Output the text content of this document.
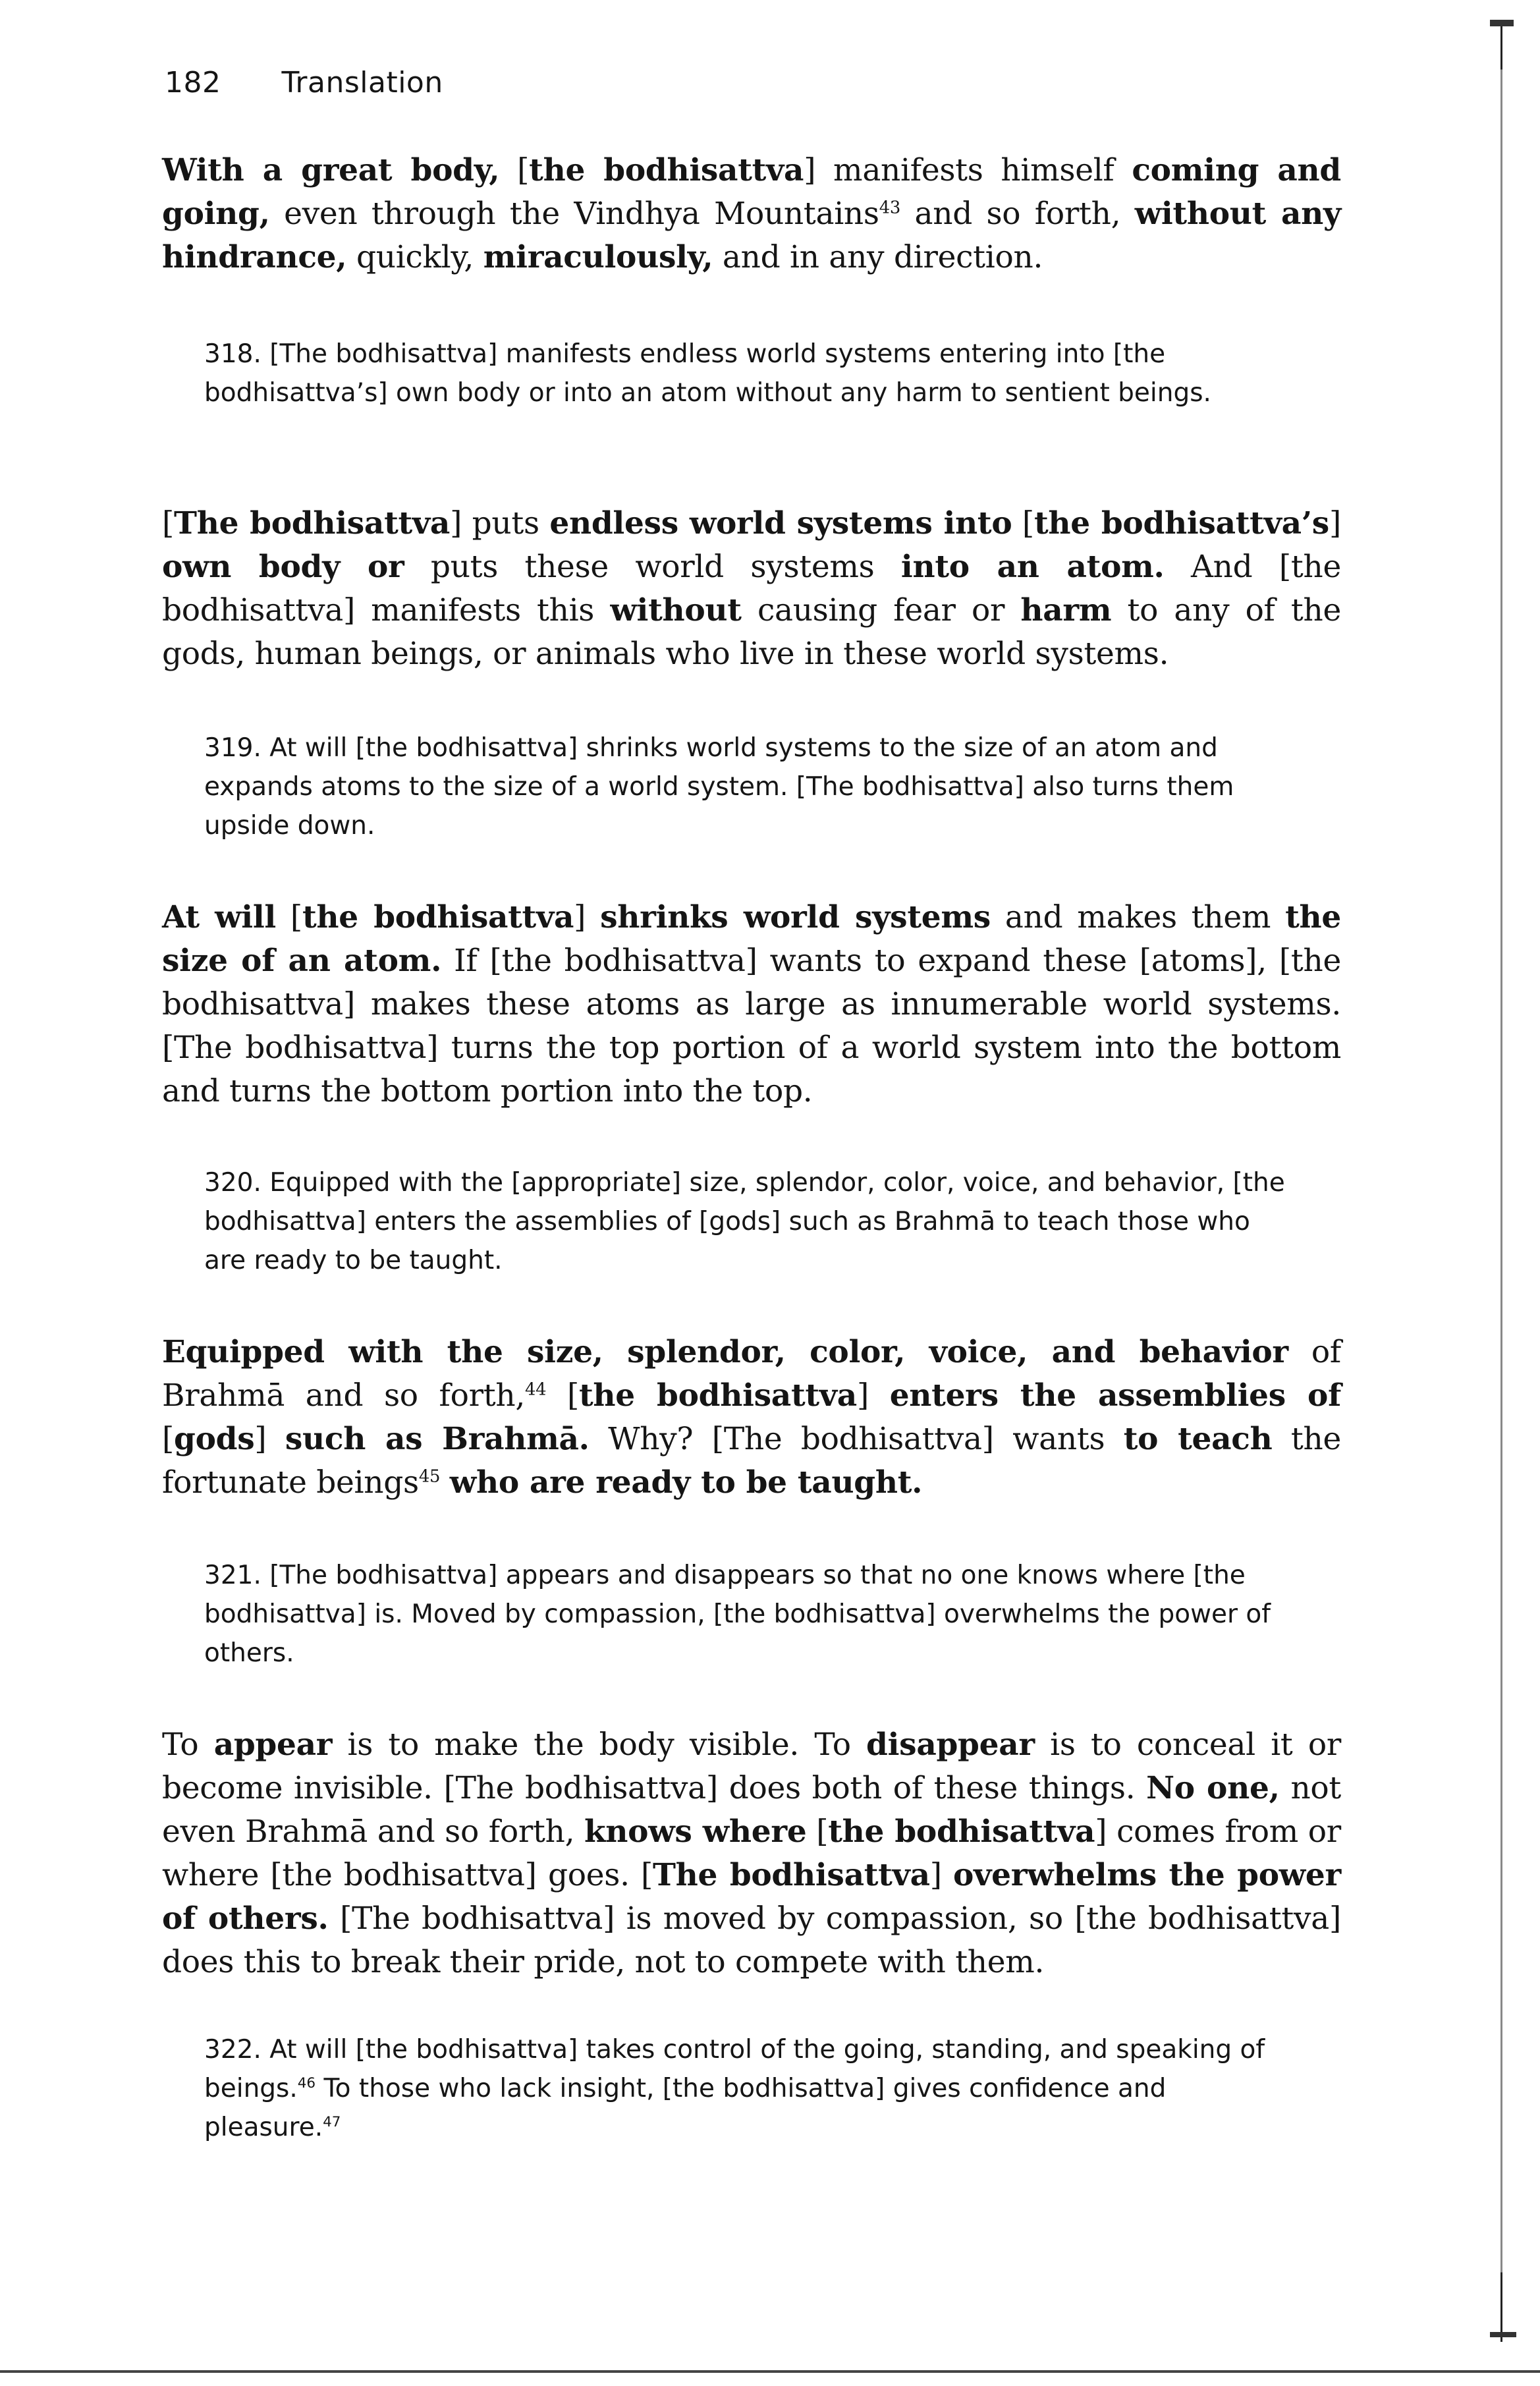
182 Translation
With a great body, [the bodhisattva] manifests himself coming and going, even through the Vindhya Mountains$^{43}$ and so forth, without any hindrance, quickly, miraculously, and in any direction.
318. [The bodhisattva] manifests endless world systems entering into [the bodhisattva’s] own body or into an atom without any harm to sentient beings.
[The bodhisattva] puts endless world systems into [the bodhisattva’s] own body or puts these world systems into an atom. And [the bodhisattva] manifests this without causing fear or harm to any of the gods, human beings, or animals who live in these world systems.
319. At will [the bodhisattva] shrinks world systems to the size of an atom and expands atoms to the size of a world system. [The bodhisattva] also turns them upside down.
At will [the bodhisattva] shrinks world systems and makes them the size of an atom. If [the bodhisattva] wants to expand these [atoms], [the bodhisattva] makes these atoms as large as innumerable world systems. [The bodhisattva] turns the top portion of a world system into the bottom and turns the bottom portion into the top.
320. Equipped with the [appropriate] size, splendor, color, voice, and behavior, [the bodhisattva] enters the assemblies of [gods] such as Brahmā to teach those who are ready to be taught.
Equipped with the size, splendor, color, voice, and behavior of Brahmā and so forth,$^{44}$ [the bodhisattva] enters the assemblies of [gods] such as Brahmā. Why? [The bodhisattva] wants to teach the fortunate beings$^{45}$ who are ready to be taught.
321. [The bodhisattva] appears and disappears so that no one knows where [the bodhisattva] is. Moved by compassion, [the bodhisattva] overwhelms the power of others.
To appear is to make the body visible. To disappear is to conceal it or become invisible. [The bodhisattva] does both of these things. No one, not even Brahmā and so forth, knows where [the bodhisattva] comes from or where [the bodhisattva] goes. [The bodhisattva] overwhelms the power of others. [The bodhisattva] is moved by compassion, so [the bodhisattva] does this to break their pride, not to compete with them.
322. At will [the bodhisattva] takes control of the going, standing, and speaking of beings.$^{46}$ To those who lack insight, [the bodhisattva] gives confidence and pleasure.$^{47}$
